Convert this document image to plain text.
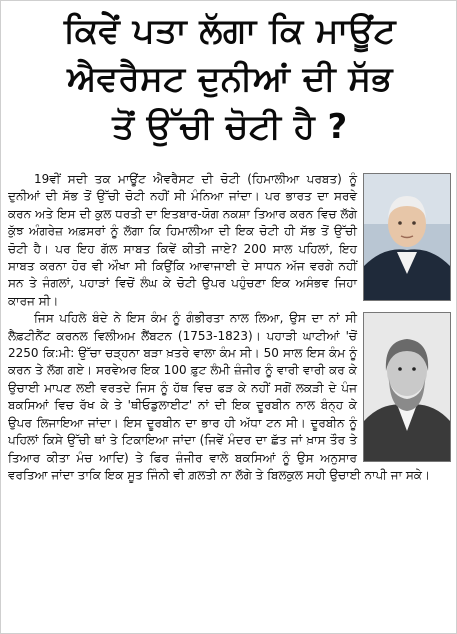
ਕਿਵੇਂ ਪਤਾ ਲੱਗਾ ਕਿ ਮਾਊਂਟ
ਐਵਰੈਸਟ ਦੁਨੀਆਂ ਦੀ ਸੱਭ
ਤੋਂ ਉੱਚੀ ਚੋਟੀ ਹੈ ?

19ਵੀਂ ਸਦੀ ਤਕ ਮਾਊਂਟ ਐਵਰੈਸਟ ਦੀ ਚੋਟੀ (ਹਿਮਾਲੀਆ ਪਰਬਤ) ਨੂੰ ਦੁਨੀਆਂ ਦੀ ਸੱਭ ਤੋਂ ਉੱਚੀ ਚੋਟੀ ਨਹੀਂ ਸੀ ਮੰਨਿਆ ਜਾਂਦਾ। ਪਰ ਭਾਰਤ ਦਾ ਸਰਵੇ ਕਰਨ ਅਤੇ ਇਸ ਦੀ ਕੁਲ ਧਰਤੀ ਦਾ ਇਤਬਾਰ-ਯੋਗ ਨਕਸ਼ਾ ਤਿਆਰ ਕਰਨ ਵਿਚ ਲੱਗੇ ਕੁੱਝ ਅੰਗਰੇਜ਼ ਅਫ਼ਸਰਾਂ ਨੂੰ ਲੱਗਾ ਕਿ ਹਿਮਾਲੀਆ ਦੀ ਇਕ ਚੋਟੀ ਹੀ ਸੱਭ ਤੋਂ ਉੱਚੀ ਚੋਟੀ ਹੈ। ਪਰ ਇਹ ਗੱਲ ਸਾਬਤ ਕਿਵੇਂ ਕੀਤੀ ਜਾਏ? 200 ਸਾਲ ਪਹਿਲਾਂ, ਇਹ ਸਾਬਤ ਕਰਨਾ ਹੋਰ ਵੀ ਔਖਾ ਸੀ ਕਿਉਂਕਿ ਆਵਾਜਾਈ ਦੇ ਸਾਧਨ ਅੱਜ ਵਰਗੇ ਨਹੀਂ ਸਨ ਤੇ ਜੰਗਲਾਂ, ਪਹਾੜਾਂ ਵਿਚੋਂ ਲੰਘ ਕੇ ਚੋਟੀ ਉਪਰ ਪਹੁੰਚਣਾ ਇਕ ਅਸੰਭਵ ਜਿਹਾ ਕਾਰਜ ਸੀ।

ਜਿਸ ਪਹਿਲੇ ਬੰਦੇ ਨੇ ਇਸ ਕੰਮ ਨੂੰ ਗੰਭੀਰਤਾ ਨਾਲ ਲਿਆ, ਉਸ ਦਾ ਨਾਂ ਸੀ ਲੈਫ਼ਟੀਨੈਂਟ ਕਰਨਲ ਵਿਲੀਅਮ ਲੈਂਬਟਨ (1753-1823)। ਪਹਾੜੀ ਘਾਟੀਆਂ 'ਚੋਂ 2250 ਕਿ:ਮੀ: ਉੱਚਾ ਚੜ੍ਹਨਾ ਬੜਾ ਖ਼ਤਰੇ ਵਾਲਾ ਕੰਮ ਸੀ। 50 ਸਾਲ ਇਸ ਕੰਮ ਨੂੰ ਕਰਨ ਤੇ ਲੱਗ ਗਏ। ਸਰਵੇਅਰ ਇਕ 100 ਫ਼ੁਟ ਲੰਮੀ ਜ਼ੰਜੀਰ ਨੂੰ ਵਾਰੀ ਵਾਰੀ ਕਰ ਕੇ ਉਚਾਈ ਮਾਪਣ ਲਈ ਵਰਤਦੇ ਜਿਸ ਨੂੰ ਹੱਥ ਵਿਚ ਫੜ ਕੇ ਨਹੀਂ ਸਗੋਂ ਲਕੜੀ ਦੇ ਪੰਜ ਬਕਸਿਆਂ ਵਿਚ ਰੱਖ ਕੇ ਤੇ 'ਥੀਓਡੁਲਾਈਟ' ਨਾਂ ਦੀ ਇਕ ਦੂਰਬੀਨ ਨਾਲ ਬੰਨ੍ਹ ਕੇ ਉਪਰ ਲਿਜਾਇਆ ਜਾਂਦਾ। ਇਸ ਦੂਰਬੀਨ ਦਾ ਭਾਰ ਹੀ ਅੱਧਾ ਟਨ ਸੀ। ਦੂਰਬੀਨ ਨੂੰ ਪਹਿਲਾਂ ਕਿਸੇ ਉੱਚੀ ਥਾਂ ਤੇ ਟਿਕਾਇਆ ਜਾਂਦਾ (ਜਿਵੇਂ ਮੰਦਰ ਦਾ ਛੱਤ ਜਾਂ ਖ਼ਾਸ ਤੌਰ ਤੇ ਤਿਆਰ ਕੀਤਾ ਮੰਚ ਆਦਿ) ਤੇ ਫਿਰ ਜ਼ੰਜੀਰ ਵਾਲੇ ਬਕਸਿਆਂ ਨੂੰ ਉਸ ਅਨੁਸਾਰ ਵਰਤਿਆ ਜਾਂਦਾ ਤਾਕਿ ਇਕ ਸੂਤ ਜਿੰਨੀ ਵੀ ਗ਼ਲਤੀ ਨਾ ਲੱਗੇ ਤੇ ਬਿਲਕੁਲ ਸਹੀ ਉਚਾਈ ਨਾਪੀ ਜਾ ਸਕੇ।
